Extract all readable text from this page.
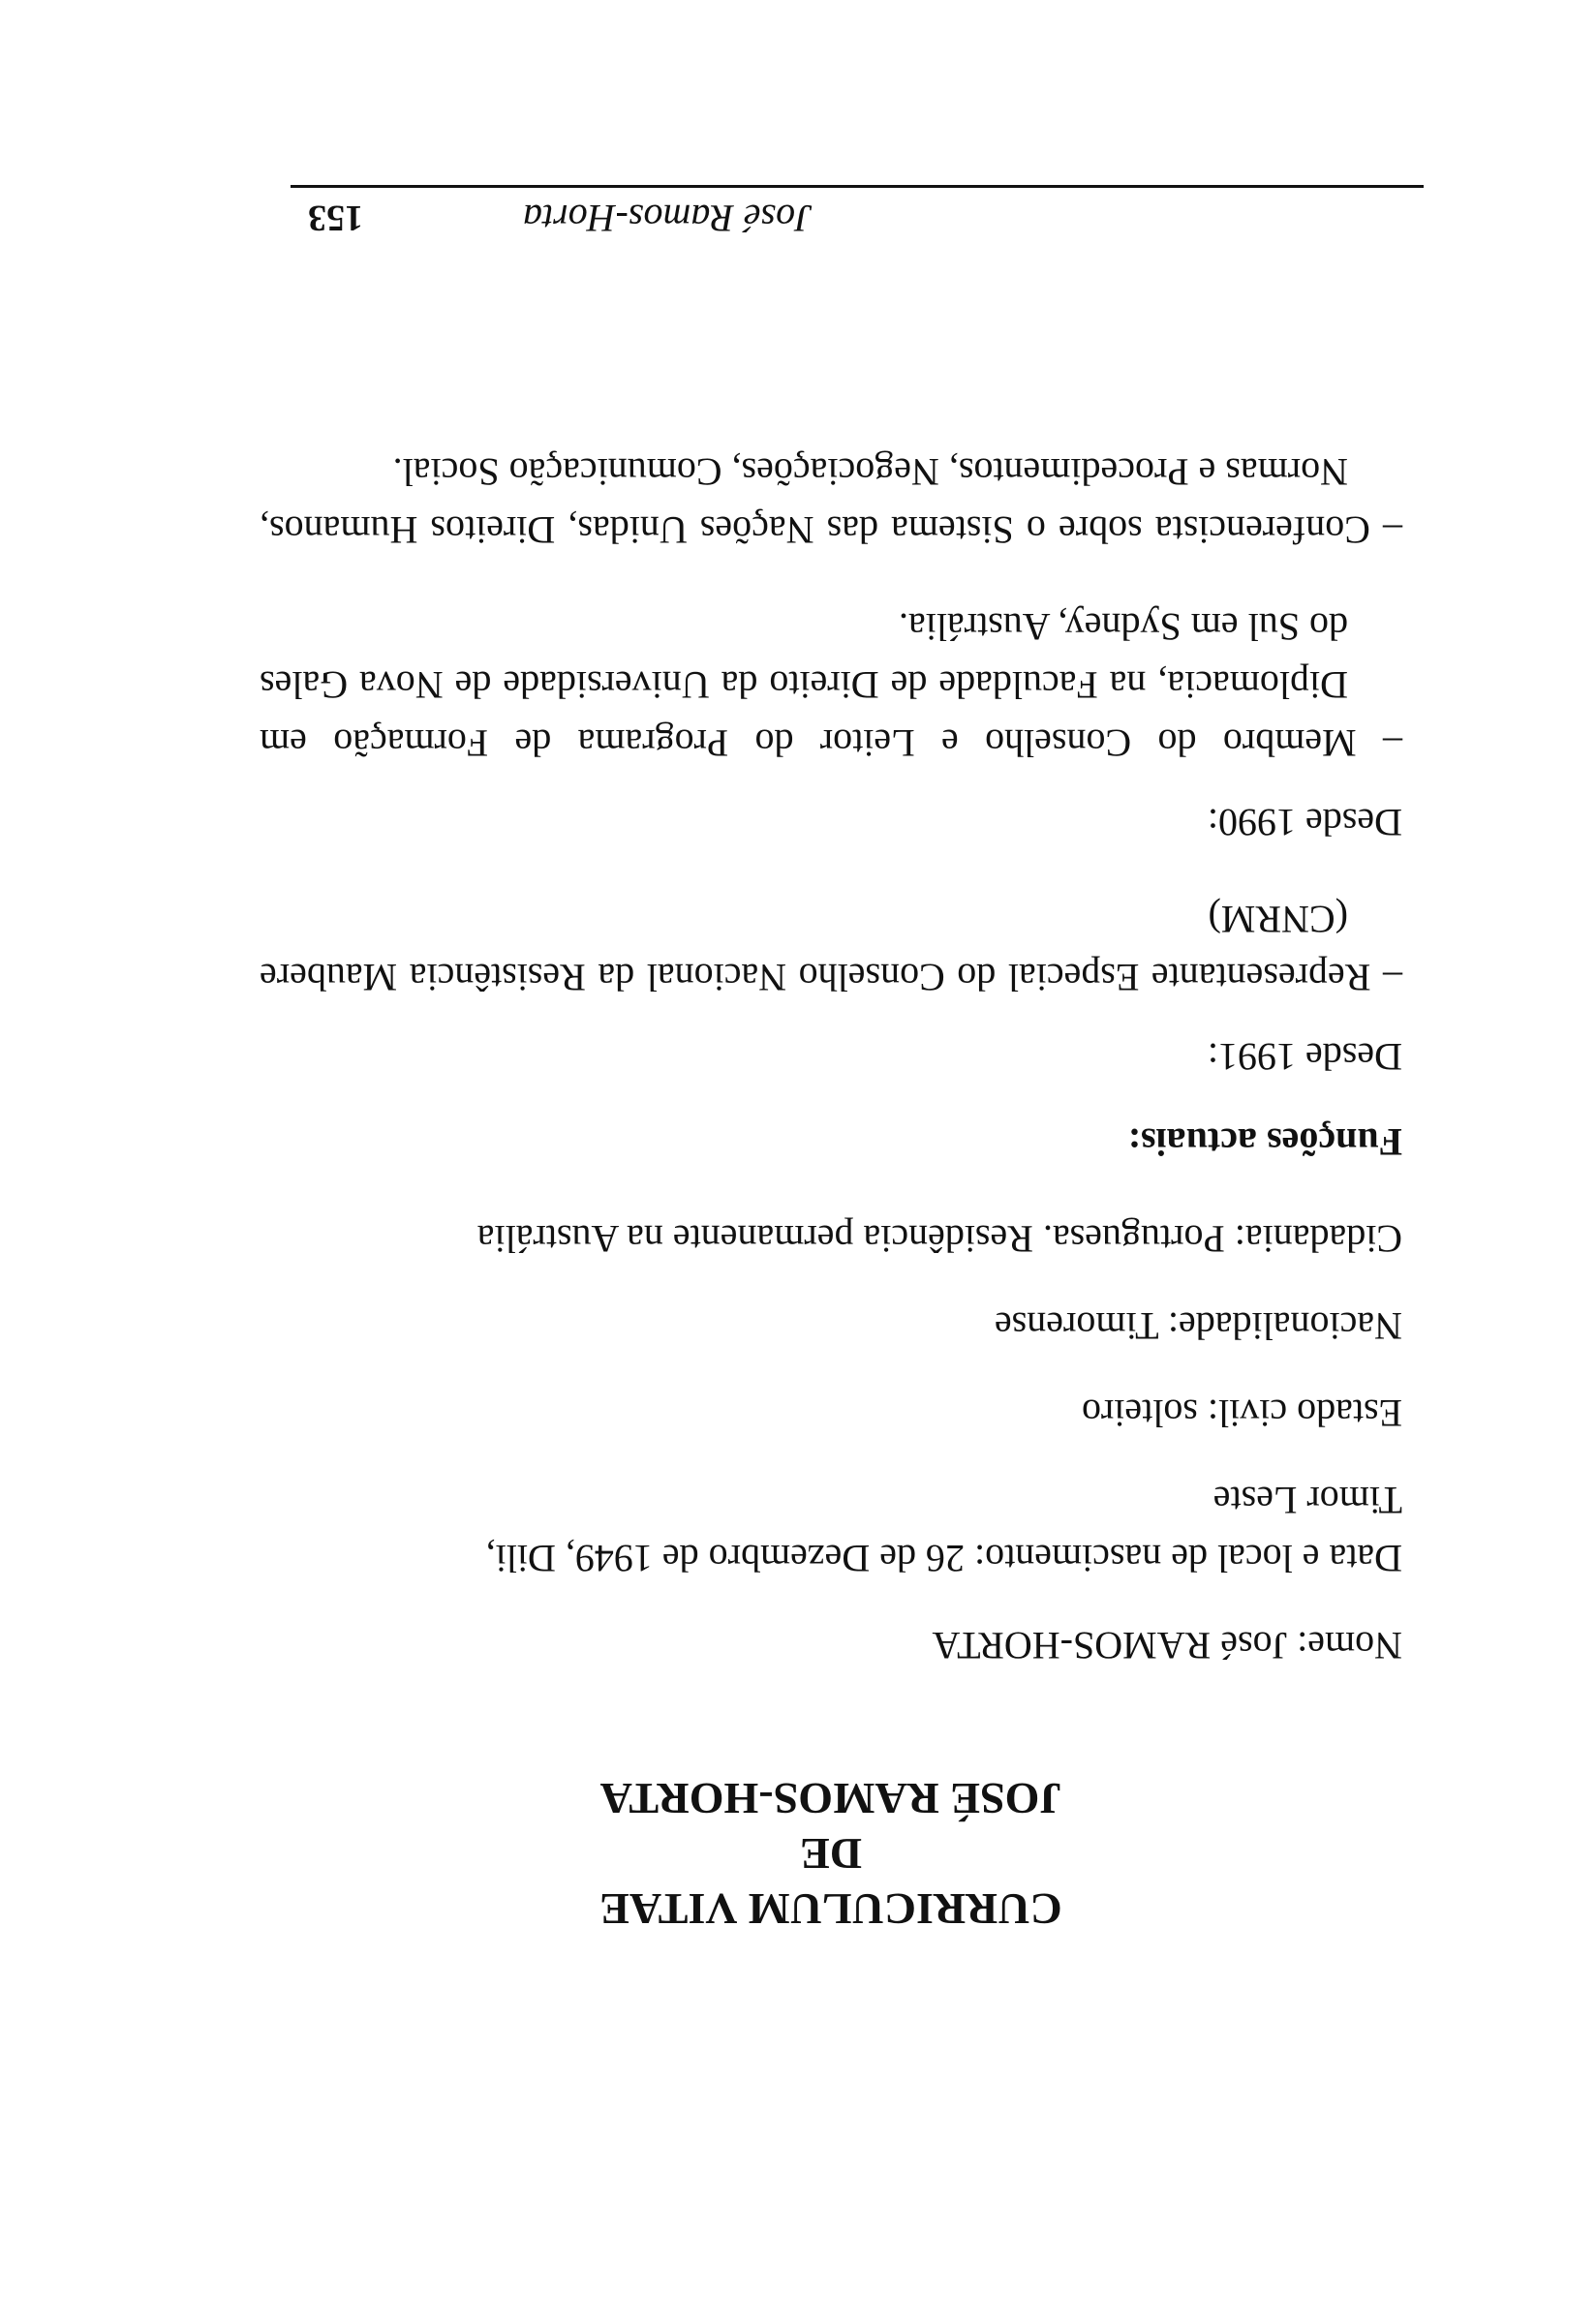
José Ramos-Horta
153
CURRICULUM VITAE
DE
JOSÉ RAMOS-HORTA
Nome: José RAMOS-HORTA
Data e local de nascimento: 26 de Dezembro de 1949, Dili,
Timor Leste
Estado civil: solteiro
Nacionalidade: Timorense
Cidadania: Portuguesa. Residência permanente na Austrália
Funções actuais:
Desde 1991:
– Representante Especial do Conselho Nacional da Resistência Maubere (CNRM)
Desde 1990:
– Membro do Conselho e Leitor do Programa de Formação em Diplomacia, na Faculdade de Direito da Universidade de Nova Gales do Sul em Sydney, Austrália.
– Conferencista sobre o Sistema das Nações Unidas, Direitos Humanos, Normas e Procedimentos, Negociações, Comunicação Social.
